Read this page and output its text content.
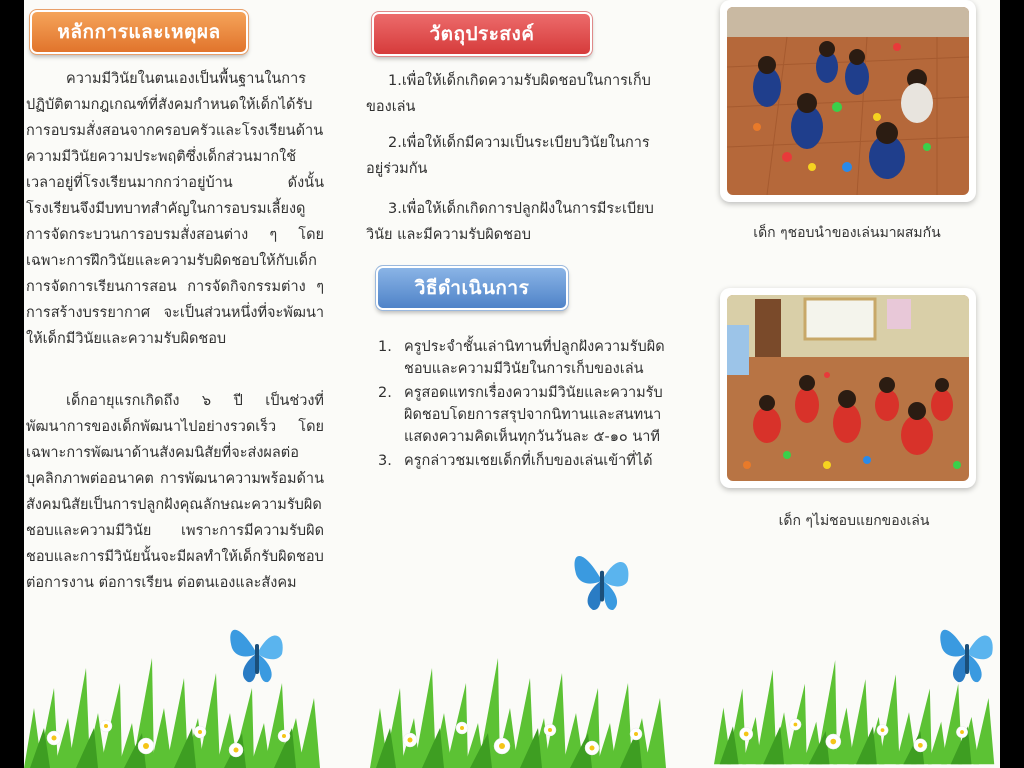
หลักการและเหตุผล

ความมีวินัยในตนเองเป็นพื้นฐานในการปฏิบัติตามกฎเกณฑ์ที่สังคมกำหนดให้เด็กได้รับการอบรมสั่งสอนจากครอบครัวและโรงเรียนด้านความมีวินัยความประพฤติซึ่งเด็กส่วนมากใช้เวลาอยู่ที่โรงเรียนมากกว่าอยู่บ้าน ดังนั้นโรงเรียนจึงมีบทบาทสำคัญในการอบรมเลี้ยงดู การจัดกระบวนการอบรมสั่งสอนต่าง ๆ โดยเฉพาะการฝึกวินัยและความรับผิดชอบให้กับเด็ก การจัดการเรียนการสอน การจัดกิจกรรมต่าง ๆ การสร้างบรรยากาศ จะเป็นส่วนหนึ่งที่จะพัฒนาให้เด็กมีวินัยและความรับผิดชอบ

เด็กอายุแรกเกิดถึง ๖ ปี เป็นช่วงที่พัฒนาการของเด็กพัฒนาไปอย่างรวดเร็ว โดยเฉพาะการพัฒนาด้านสังคมนิสัยที่จะส่งผลต่อบุคลิกภาพต่ออนาคต การพัฒนาความพร้อมด้านสังคมนิสัยเป็นการปลูกฝังคุณลักษณะความรับผิดชอบและความมีวินัย เพราะการมีความรับผิดชอบและการมีวินัยนั้นจะมีผลทำให้เด็กรับผิดชอบต่อการงาน ต่อการเรียน ต่อตนเองและสังคม

วัตถุประสงค์

1.เพื่อให้เด็กเกิดความรับผิดชอบในการเก็บของเล่น

2.เพื่อให้เด็กมีความเป็นระเบียบวินัยในการอยู่ร่วมกัน

3.เพื่อให้เด็กเกิดการปลูกฝังในการมีระเบียบวินัย และมีความรับผิดชอบ

วิธีดำเนินการ
1. ครูประจำชั้นเล่านิทานที่ปลูกฝังความรับผิดชอบและความมีวินัยในการเก็บของเล่น
2. ครูสอดแทรกเรื่องความมีวินัยและความรับผิดชอบโดยการสรุปจากนิทานและสนทนาแสดงความคิดเห็นทุกวันวันละ ๕-๑๐ นาที
3. ครูกล่าวชมเชยเด็กที่เก็บของเล่นเข้าที่ได้
เด็ก ๆชอบนำของเล่นมาผสมกัน
เด็ก ๆไม่ชอบแยกของเล่น
